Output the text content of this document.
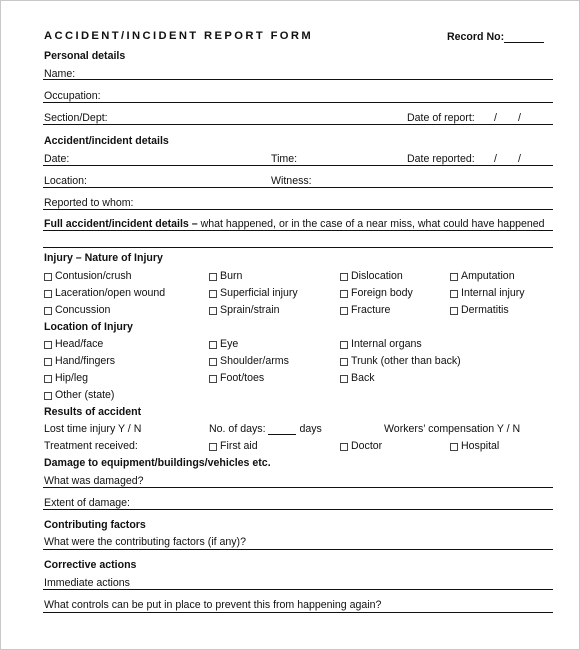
ACCIDENT/INCIDENT REPORT FORM	Record No:
Personal details
Name:
Occupation:
Section/Dept:	Date of report: / /
Accident/incident details
Date:	Time:	Date reported: / /
Location:	Witness:
Reported to whom:
Full accident/incident details – what happened, or in the case of a near miss, what could have happened
Injury – Nature of Injury
Contusion/crush	Burn	Dislocation	Amputation
Laceration/open wound	Superficial injury	Foreign body	Internal injury
Concussion	Sprain/strain	Fracture	Dermatitis
Location of Injury
Head/face	Eye	Internal organs
Hand/fingers	Shoulder/arms	Trunk (other than back)
Hip/leg	Foot/toes	Back
Other (state)
Results of accident
Lost time injury Y / N	No. of days:	days	Workers’ compensation Y / N
Treatment received:	First aid	Doctor	Hospital
Damage to equipment/buildings/vehicles etc.
What was damaged?
Extent of damage:
Contributing factors
What were the contributing factors (if any)?
Corrective actions
Immediate actions
What controls can be put in place to prevent this from happening again?
